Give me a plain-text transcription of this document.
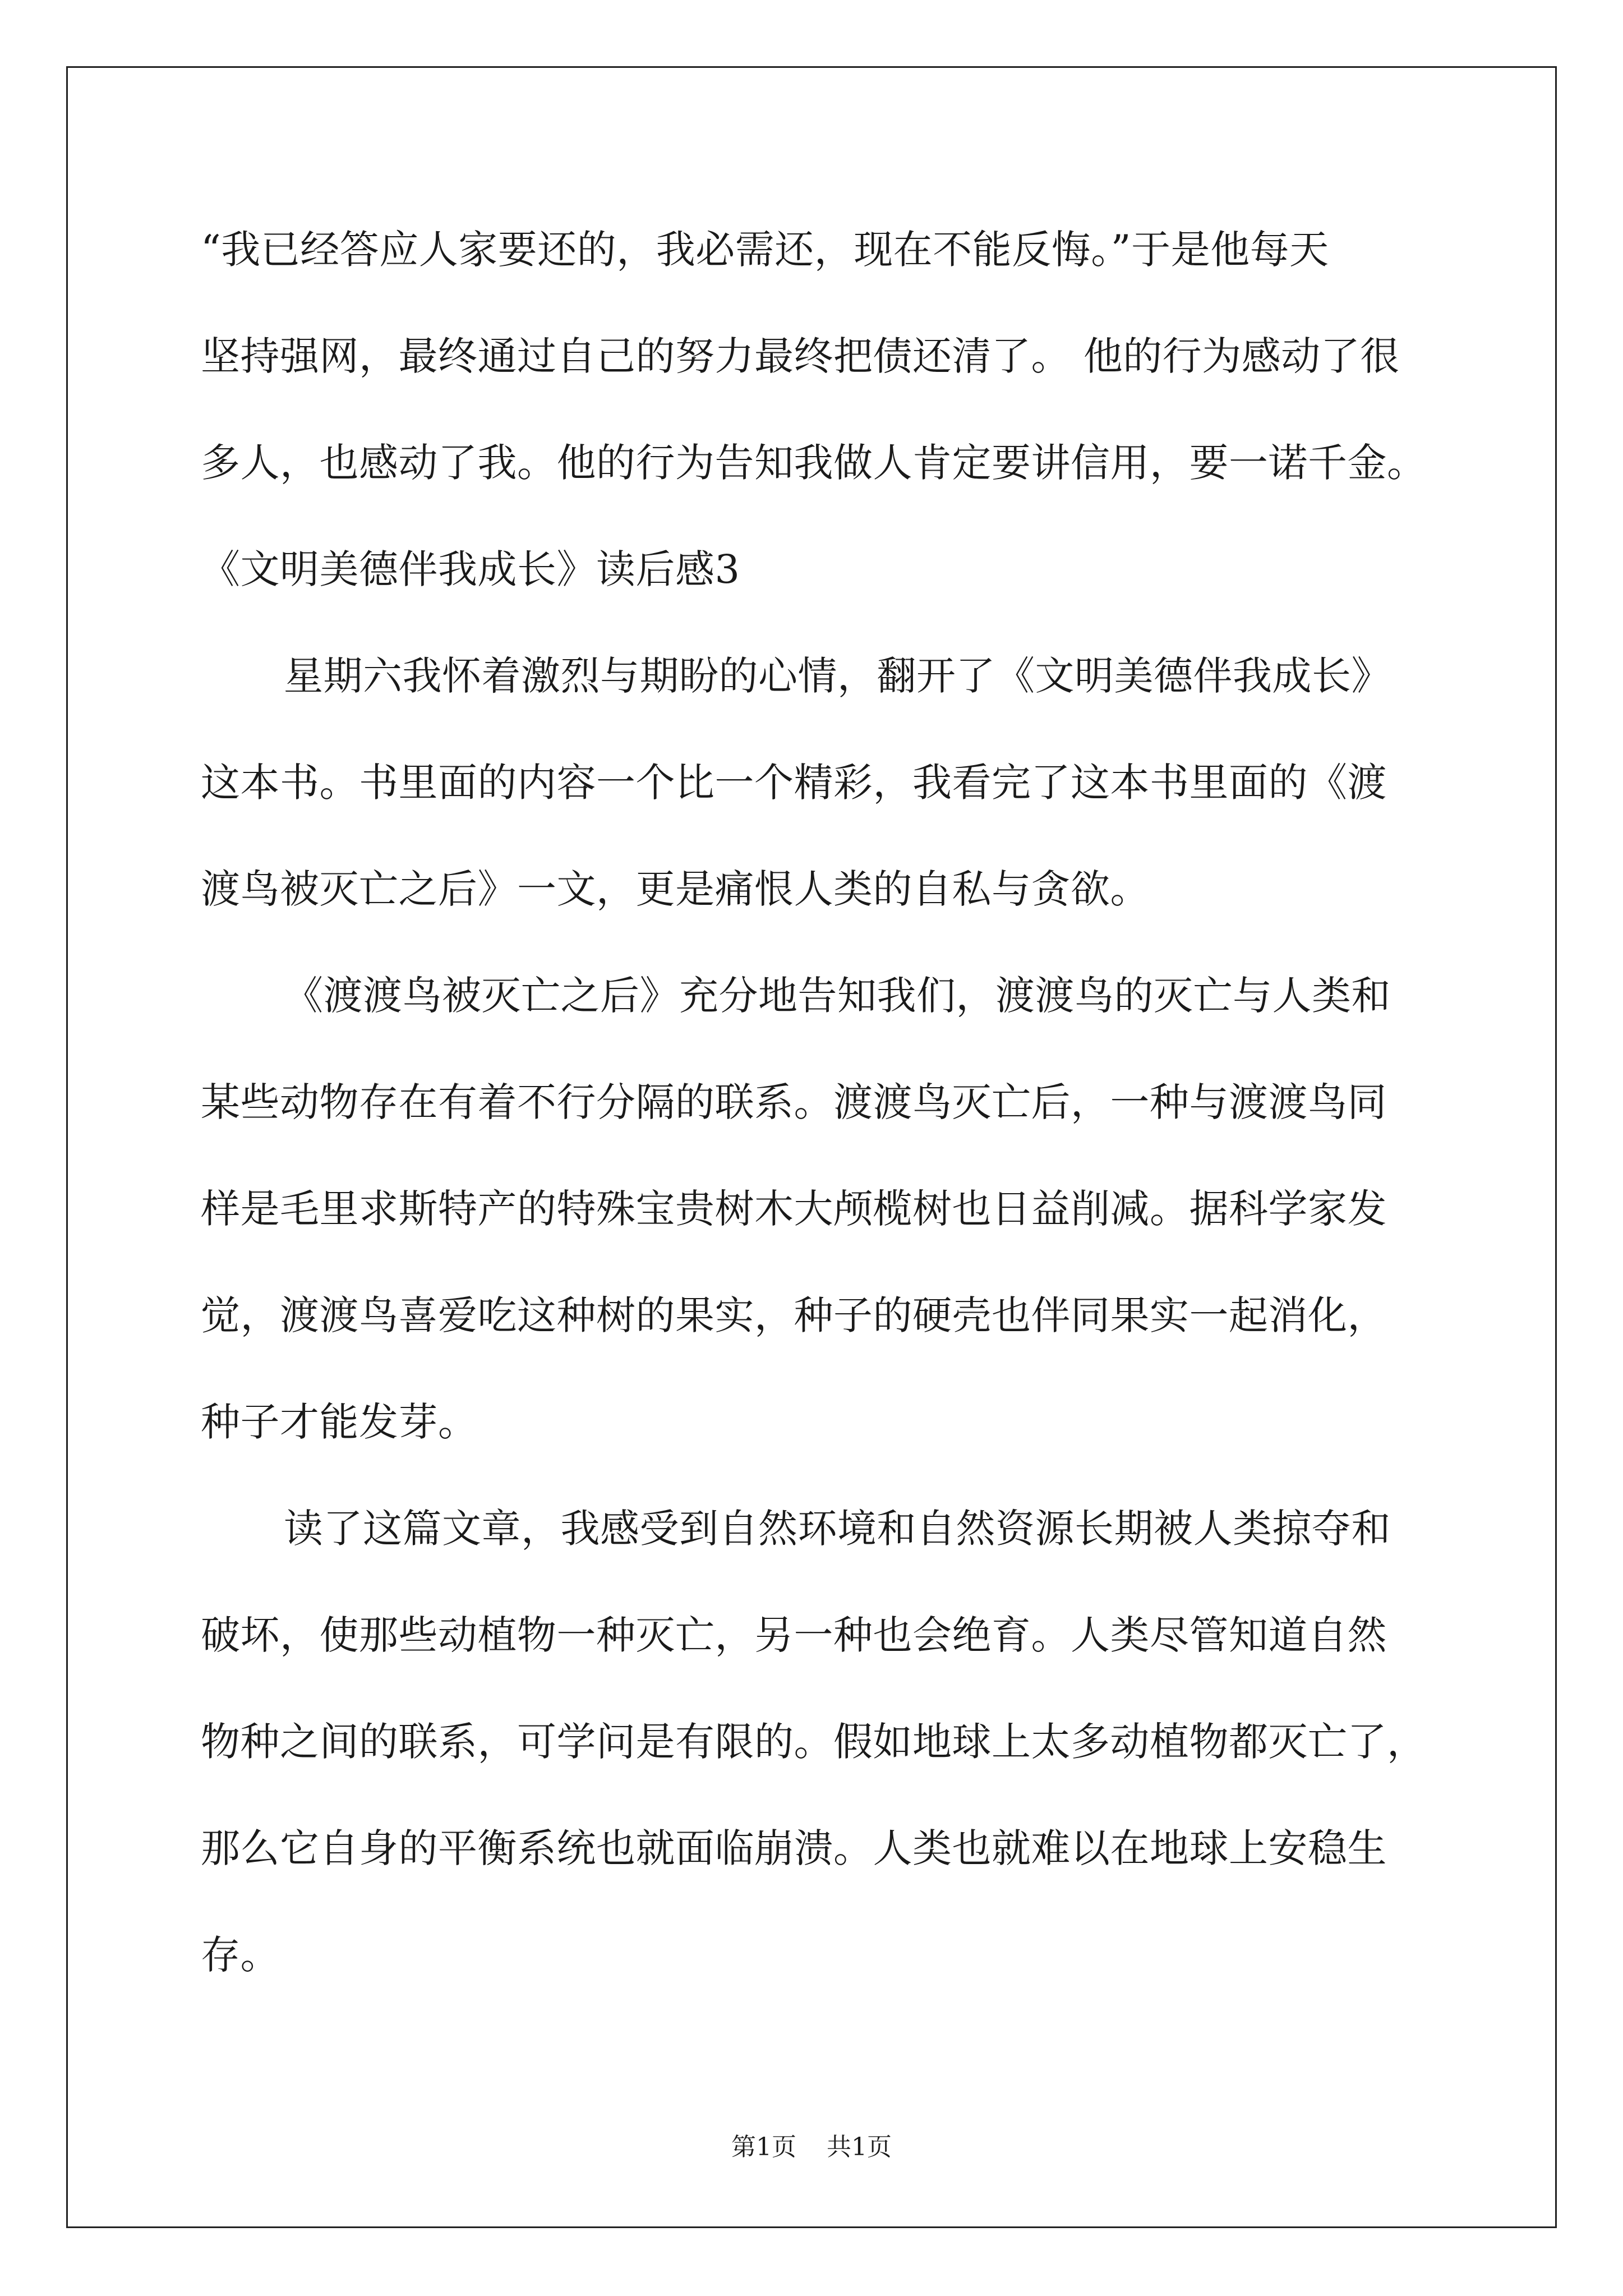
“我已经答应人家要还的，我必需还，现在不能反悔。”于是他每天
坚持强网，最终通过自己的努力最终把债还清了。 他的行为感动了很
多人，也感动了我。他的行为告知我做人肯定要讲信用，要一诺千金。
《文明美德伴我成长》读后感3
星期六我怀着激烈与期盼的心情，翻开了《文明美德伴我成长》
这本书。书里面的内容一个比一个精彩，我看完了这本书里面的《渡
渡鸟被灭亡之后》一文，更是痛恨人类的自私与贪欲。
《渡渡鸟被灭亡之后》充分地告知我们，渡渡鸟的灭亡与人类和
某些动物存在有着不行分隔的联系。渡渡鸟灭亡后，一种与渡渡鸟同
样是毛里求斯特产的特殊宝贵树木大颅榄树也日益削减。据科学家发
觉，渡渡鸟喜爱吃这种树的果实，种子的硬壳也伴同果实一起消化，
种子才能发芽。
读了这篇文章，我感受到自然环境和自然资源长期被人类掠夺和
破坏，使那些动植物一种灭亡，另一种也会绝育。人类尽管知道自然
物种之间的联系，可学问是有限的。假如地球上太多动植物都灭亡了，
那么它自身的平衡系统也就面临崩溃。人类也就难以在地球上安稳生
存。
第1页 共1页
